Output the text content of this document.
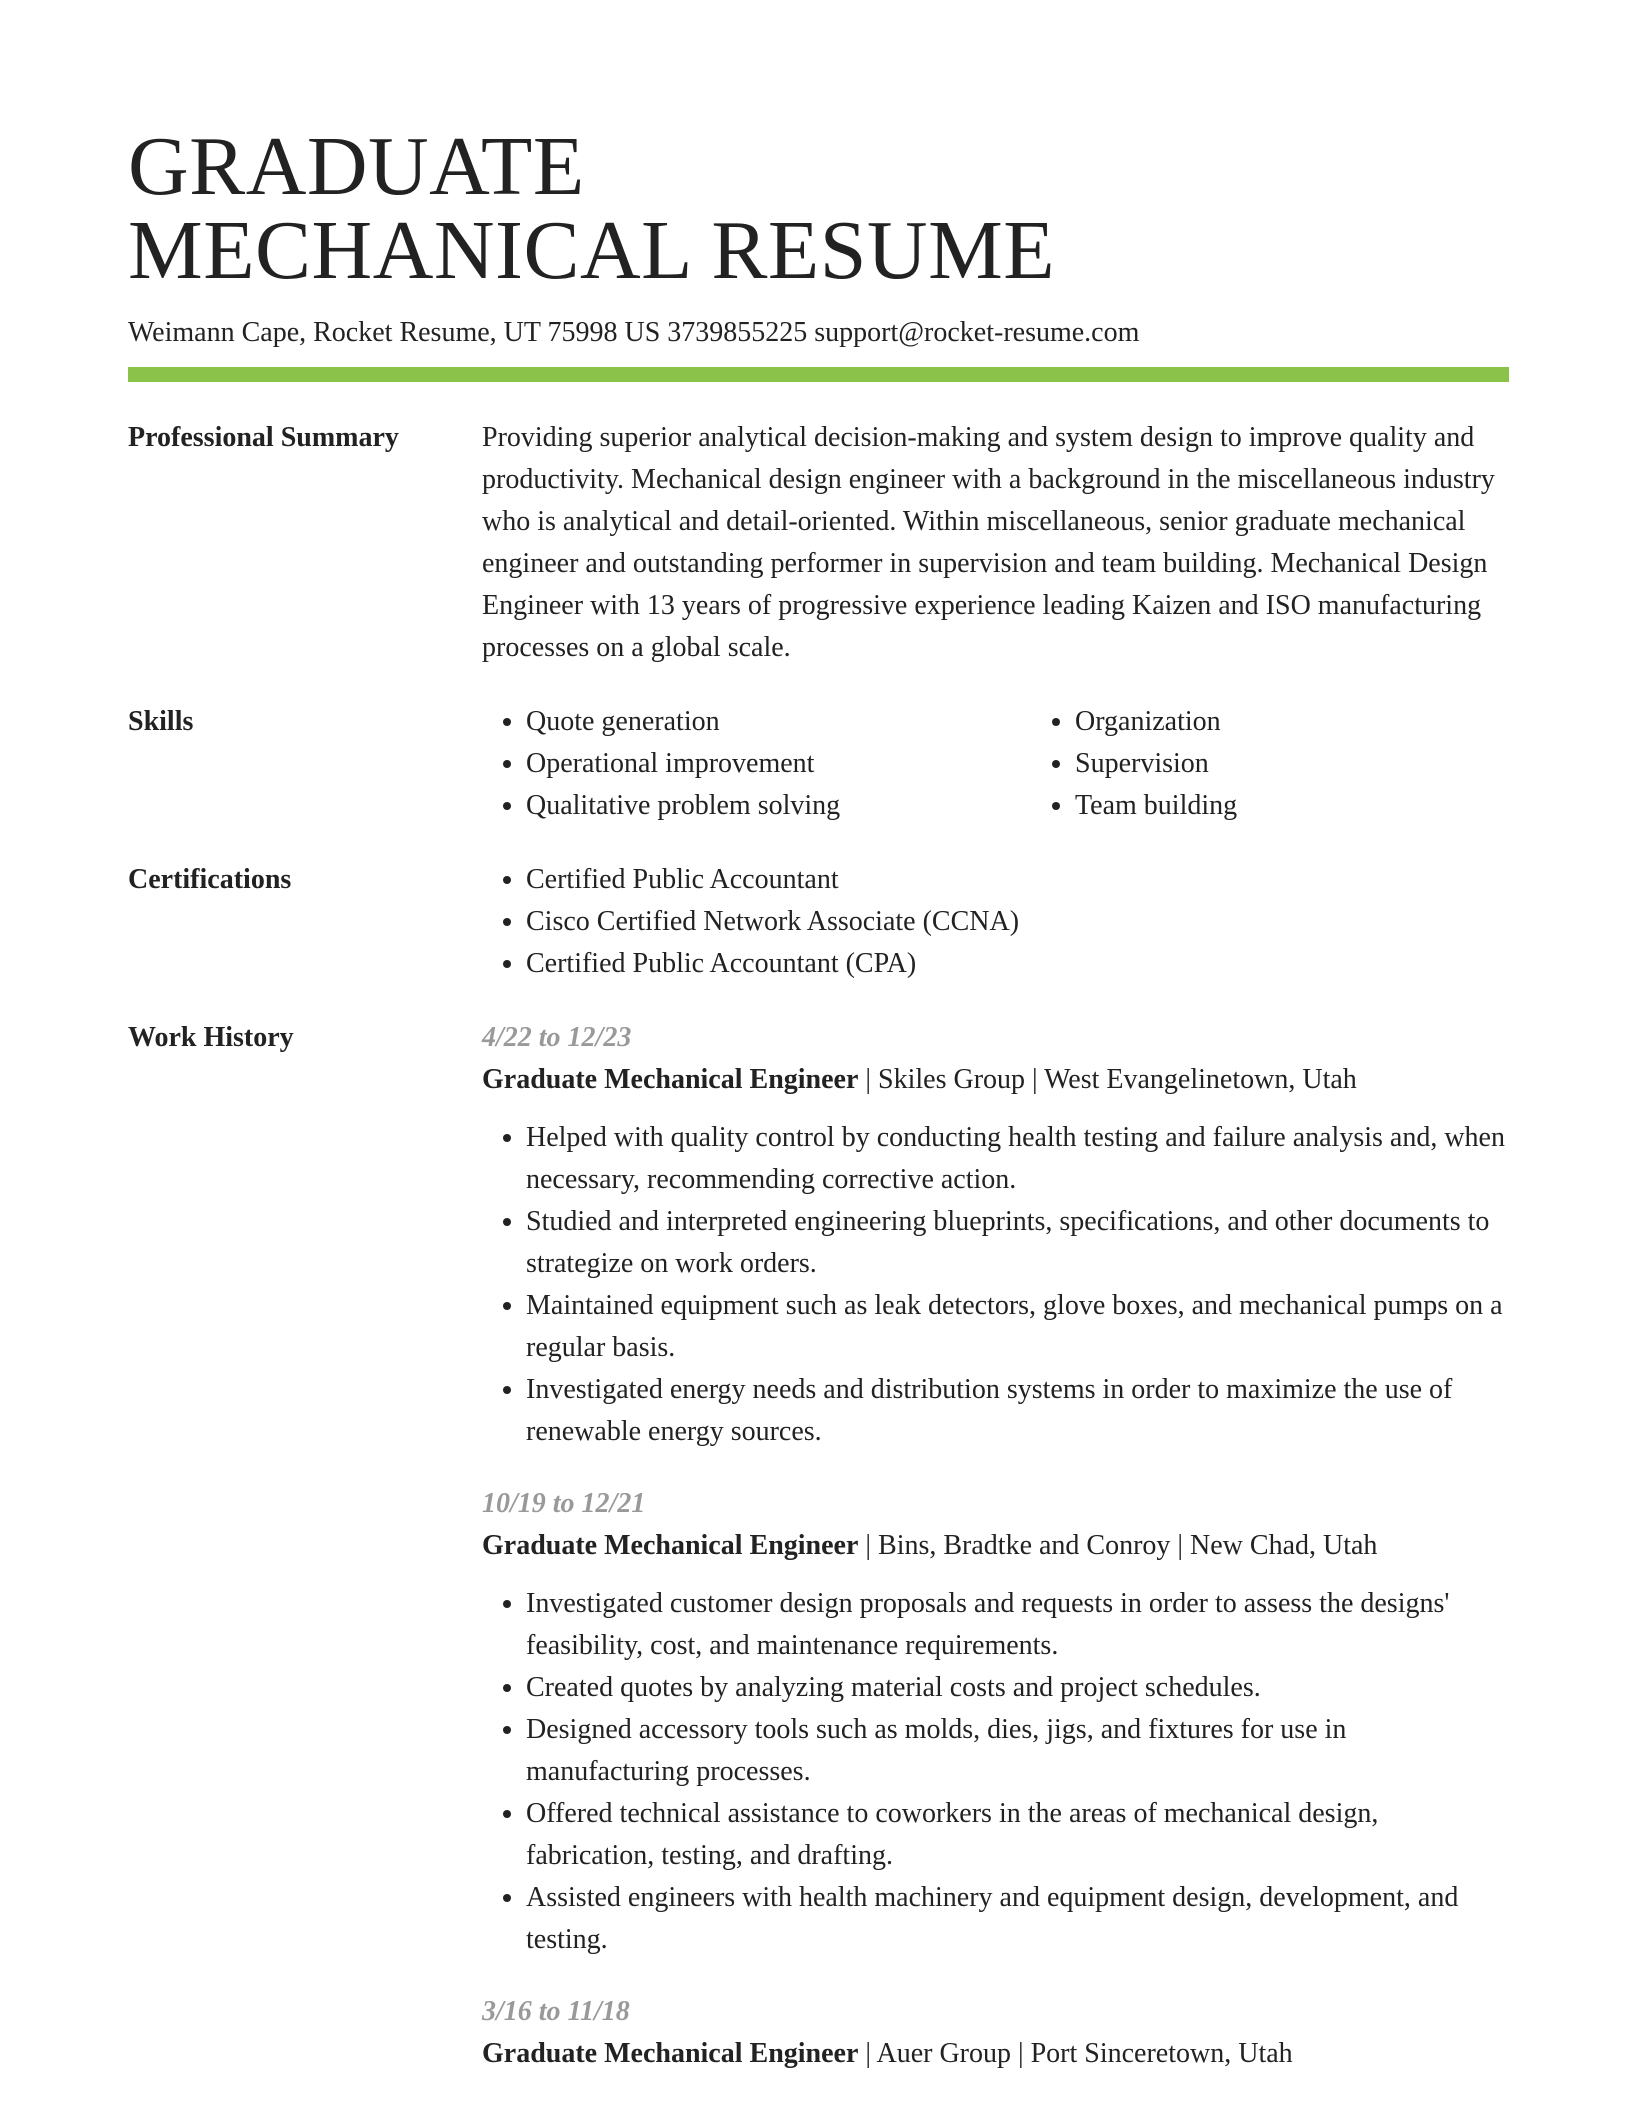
GRADUATE
MECHANICAL RESUME
Weimann Cape, Rocket Resume, UT 75998 US 3739855225 support@rocket-resume.com
Professional Summary	Providing superior analytical decision-making and system design to improve quality and productivity. Mechanical design engineer with a background in the miscellaneous industry who is analytical and detail-oriented. Within miscellaneous, senior graduate mechanical engineer and outstanding performer in supervision and team building. Mechanical Design Engineer with 13 years of progressive experience leading Kaizen and ISO manufacturing processes on a global scale.
Skills	• Quote generation
• Operational improvement
• Qualitative problem solving
• Organization
• Supervision
• Team building
Certifications	• Certified Public Accountant
• Cisco Certified Network Associate (CCNA)
• Certified Public Accountant (CPA)
Work History	4/22 to 12/23
Graduate Mechanical Engineer | Skiles Group | West Evangelinetown, Utah
• Helped with quality control by conducting health testing and failure analysis and, when necessary, recommending corrective action.
• Studied and interpreted engineering blueprints, specifications, and other documents to strategize on work orders.
• Maintained equipment such as leak detectors, glove boxes, and mechanical pumps on a regular basis.
• Investigated energy needs and distribution systems in order to maximize the use of renewable energy sources.
10/19 to 12/21
Graduate Mechanical Engineer | Bins, Bradtke and Conroy | New Chad, Utah
• Investigated customer design proposals and requests in order to assess the designs' feasibility, cost, and maintenance requirements.
• Created quotes by analyzing material costs and project schedules.
• Designed accessory tools such as molds, dies, jigs, and fixtures for use in manufacturing processes.
• Offered technical assistance to coworkers in the areas of mechanical design, fabrication, testing, and drafting.
• Assisted engineers with health machinery and equipment design, development, and testing.
3/16 to 11/18
Graduate Mechanical Engineer | Auer Group | Port Sinceretown, Utah
